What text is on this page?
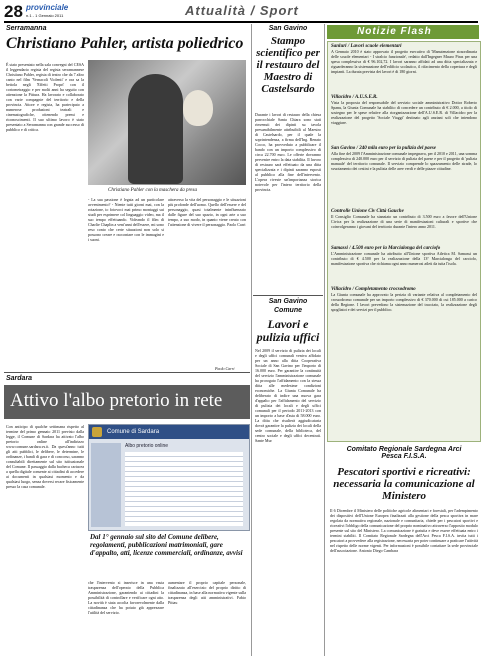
28 provinciale
n.1 - 1 Gennaio 2011	Attualità / Sport
Serramanna
Christiano Pahler, artista poliedrico
È stato presentato nella sala convegni del CESA il leggendario regista del regista serramannese Christiano Pahler, regista di teatro che da 7 altro canto nel film 'Vernacoli Violenti' e ora sa la bettola negli 'Effetti Propri' con il cortometraggio e per molti anni ha seguito con attenzione la Pittura. Ha lavorato e collaborato con varie compagnie del territorio e della provincia. Attore e regista, ha partecipato a numerose produzioni teatrali e cinematografiche, ottenendo premi e riconoscimenti. Il suo ultimo lavoro è stato presentato a Serramanna con grande successo di pubblico e di critica.
Christiano Pahler con la maschera da presa
- La sua passione è legata ad un particolare avvenimento? - Niente tutti giorni mai, con la rotazione, io fotovoci mai primo montaggi sui studi per esprimere col linguaggio video, ma il suo tempo effettuando. Videando il film di Charlie Chaplin a vent'anni dell'essere, mi sono reso conto che certe situazioni non solo si possono creare e raccontare con le immagini e i suoni.
attraverso la vita del personaggio e le situazioni più profonde dell'uomo. Quello dell'essere e del personaggio, quasi totalmente ininfluenzato dalle figure del suo spazio, in ogni arte a suo tempo, a suo modo, in quanto viene creato con l'attenzione di vivere il personaggio. Paolo Carri
Paolo Carri
Sardara
Attivo l'albo pretorio in rete
Con anticipo di qualche settimana rispetto al termine del primo gennaio 2011 previsto dalla legge, il Comune di Sardara ha attivato l'albo pretorio online all'indirizzo www.comune.sardara.vs.it. Da quest'anno tutti gli atti pubblici, le delibere, le determine, le ordinanze, i bandi di gara e di concorso, saranno consultabili direttamente sul sito istituzionale del Comune. Il passaggio dalla bacheca cartacea a quella digitale consente ai cittadini di accedere ai documenti in qualsiasi momento e da qualsiasi luogo, senza doversi recare fisicamente presso la casa comunale.
Comune di Sardara
Albo pretorio online
Dal 1° gennaio sul sito del Comune delibere, regolamenti, pubblicazioni matrimoniali, gare d'appalto, atti, licenze commerciali, ordinanze, avvisi
che l'intervento si inserisce in una vasta trasparenza dell'operato della Pubblica Amministrazione, garantendo ai cittadini la possibilità di controllare e verificare ogni atto. La novità è stata accolta favorevolmente dalla cittadinanza che ha potuto già apprezzare l'utilità del servizio.
aumentare il proprio capitale personale, finalizzato all'esercizio del proprio diritto di cittadinanza, in base alla normativa vigente sulla trasparenza degli atti amministrativi. Fabio Pittau
San Gavino
Stampo scientifico per il restauro del Maestro di Castelsardo
Durante i lavori di restauro della chiesa parrocchiale Santa Chiara sono stati rinvenuti dei dipinti su tavola presumibilmente attribuibili al Maestro di Castelsardo, per il quale la soprintendenza, a firma dell'Ing. Renato Cocco, ha provveduto a pubblicare il bando con un importo complessivo di circa 22.700 euro. Le offerte dovranno pervenire entro la data stabilita. Il lavoro di restauro sarà effettuato da una ditta specializzata e i dipinti saranno esposti al pubblico alla fine dell'intervento. L'opera riveste un'importanza storica notevole per l'intero territorio della provincia.
San Gavino
Comune
Lavori e pulizia uffici
Nel 2009 il servizio di pulizia dei locali e degli uffici comunali veniva affidato per un anno alla ditta Cooperativa Sociale di San Gavino per l'importo di 16.000 euro. Per garantire la continuità del servizio l'amministrazione comunale ha prorogato l'affidamento con la stessa ditta alle medesime condizioni economiche. La Giunta Comunale ha deliberato di indire una nuova gara d'appalto per l'affidamento del servizio di pulizia dei locali e degli uffici comunali per il periodo 2011-2013 con un importo a base d'asta di 58.000 euro. La ditta che risulterà aggiudicataria dovrà garantire la pulizia dei locali della sede comunale, della biblioteca, del centro sociale e degli uffici decentrati. Sante Mur
Notizie Flash
Sanluri / Lavori scuole elementari
A Gennaio 2010 è stato approvato il progetto esecutivo di 'Manutenzione straordinaria delle scuole elementari - I stralcio funzionale', redatto dall'Ingegner Mauro Piras per una spesa complessiva di € 96.102,72. I lavori saranno affidati ad una ditta specializzata e riguarderanno la sistemazione dell'edificio scolastico, il rifacimento della copertura e degli impianti. La durata prevista dei lavori è di 180 giorni.
Villacidro / A.U.S.E.R.
Vista la proposta del responsabile del servizio sociale amministrativo Dottor Roberto Spanu, la Giunta Comunale ha stabilito di concedere un contributo di € 2.000, a titolo di sostegno per le spese relative alla riorganizzazione dell'A.U.S.E.R. di Villacidro per la realizzazione del progetto 'Sociale Viaggi' destinato agli anziani soli che intendono viaggiare.
San Gavino / 240 mila euro per la pulizia del paese
Alla fine del 2009 l'Amministrazione comunale impegnava, per il 2010 e 2011, una somma complessiva di 240.000 euro per il servizio di pulizia del paese e per il progetto di 'pulizia manuale' del territorio comunale. Il servizio comprende lo spazzamento delle strade, lo svuotamento dei cestini e la pulizia delle aree verdi e delle piazze cittadine.
Controlle Unione Civ Città Gauche
Il Consiglio Comunale ha stanziato un contributo di 3.500 euro a favore dell'Unione Civica per la realizzazione di una serie di manifestazioni culturali e sportive che coinvolgeranno i giovani del territorio durante l'intero anno 2011.
Samassi / 4.500 euro per la Marcialonga del carciofo
L'Amministrazione comunale ha attribuito all'Unione sportiva Atletica M. Samassi un contributo di € 4.500 per la realizzazione della 13ª Marcialonga del carciofo, manifestazione sportiva che richiama ogni anno numerosi atleti da tutta l'isola.
Villacidro / Completamento crocsodromo
La Giunta comunale ha approvato la perizia di variante relativa al completamento del crossodromo comunale per un importo complessivo di € 370.000 di cui 185.000 a carico della Regione. I lavori prevedono la sistemazione del tracciato, la realizzazione degli spogliatoi e dei servizi per il pubblico.
Comitato Regionale Sardegna Arci Pesca F.I.S.A.
Pescatori sportivi e ricreativi: necessaria la comunicazione al Ministero
Il 6 Dicembre il Ministero delle politiche agricole alimentari e forestali, per l'adempimento dei dispositivi dell'Unione Europea finalizzati alla gestione della pesca sportiva in mare regolata da normativa regionale, nazionale e comunitaria, chiede per i pescatori sportivi e ricreativi l'obbligo della comunicazione del proprio nominativo attraverso l'apposito modulo presente sul sito del Ministero. La comunicazione è gratuita e deve essere effettuata entro i termini stabiliti. Il Comitato Regionale Sardegna dell'Arci Pesca F.I.S.A. invita tutti i pescatori a provvedere alla registrazione, necessaria per poter continuare a praticare l'attività nel rispetto delle norme vigenti. Per informazioni è possibile contattare la sede provinciale dell'associazione. Antonio Diego Cambara
